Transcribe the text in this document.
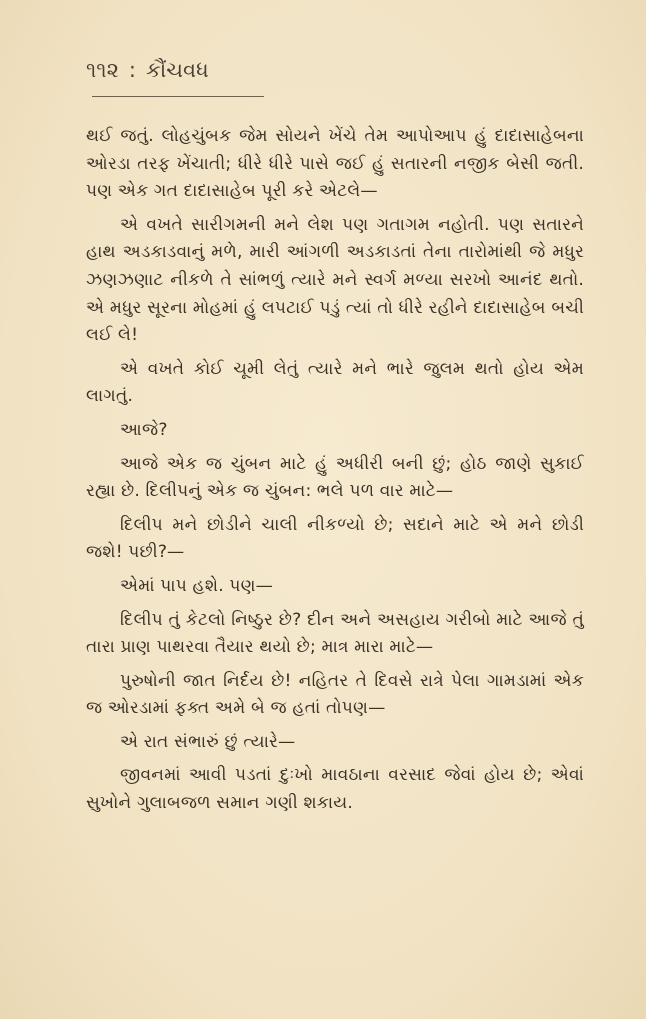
૧૧૨ : કૌંચવધ

થઈ જતું. લોહચુંબક જેમ સોયને ખેંચે તેમ આપોઆપ હું દાદાસાહેબના ઓરડા તરફ ખેંચાતી; ધીરે ધીરે પાસે જઈ હું સતારની નજીક બેસી જતી. પણ એક ગત દાદાસાહેબ પૂરી કરે એટલે—

એ વખતે સારીગમની મને લેશ પણ ગતાગમ નહોતી. પણ સતારને હાથ અડકાડવાનું મળે, મારી આંગળી અડકાડતાં તેના તારોમાંથી જે મધુર ઝણઝણાટ નીકળે તે સાંભળું ત્યારે મને સ્વર્ગ મળ્યા સરખો આનંદ થતો. એ મધુર સૂરના મોહમાં હું લપટાઈ પડું ત્યાં તો ધીરે રહીને દાદાસાહેબ બચી લઈ લે!

એ વખતે કોઈ ચૂમી લેતું ત્યારે મને ભારે જુલમ થતો હોય એમ લાગતું.

આજે?

આજે એક જ ચુંબન માટે હું અધીરી બની છું; હોઠ જાણે સુકાઈ રહ્યા છે. દિલીપનું એક જ ચુંબન: ભલે પળ વાર માટે—

દિલીપ મને છોડીને ચાલી નીકળ્યો છે; સદાને માટે એ મને છોડી જશે! પછી?—

એમાં પાપ હશે. પણ—

દિલીપ તું કેટલો નિષ્ઠુર છે? દીન અને અસહાય ગરીબો માટે આજે તું તારા પ્રાણ પાથરવા તૈયાર થયો છે; માત્ર મારા માટે—

પુરુષોની જાત નિર્દય છે! નહિતર તે દિવસે રાત્રે પેલા ગામડામાં એક જ ઓરડામાં ફક્ત અમે બે જ હતાં તોપણ—

એ રાત સંભારું છું ત્યારે—

જીવનમાં આવી પડતાં દુઃખો માવઠાના વરસાદ જેવાં હોય છે; એવાં સુખોને ગુલાબજળ સમાન ગણી શકાય.
